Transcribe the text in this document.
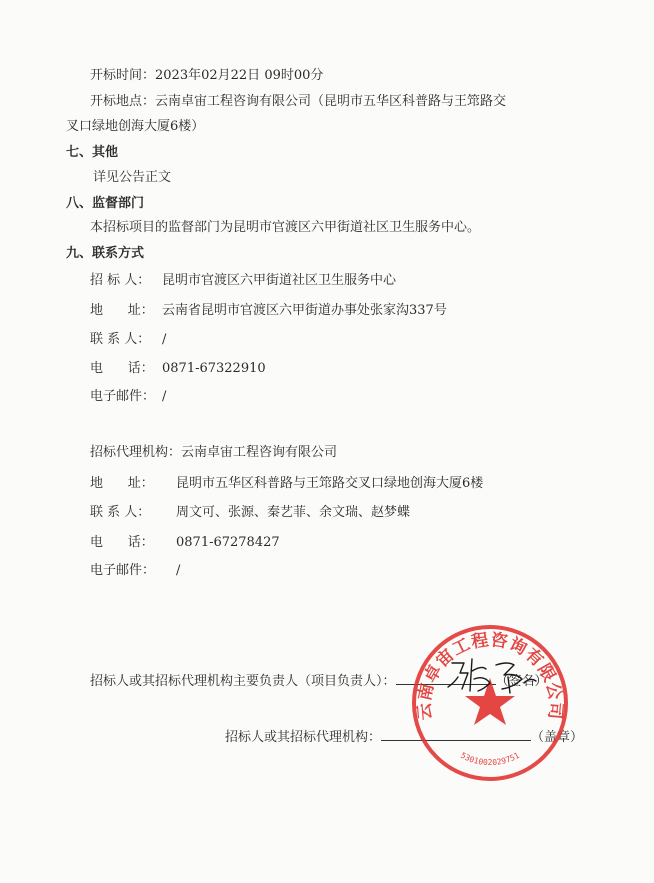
开标时间：2023年02月22日 09时00分
开标地点：云南卓宙工程咨询有限公司（昆明市五华区科普路与王筇路交
叉口绿地创海大厦6楼）
七、其他
详见公告正文
八、监督部门
本招标项目的监督部门为昆明市官渡区六甲街道社区卫生服务中心。
九、联系方式
招 标 人： 昆明市官渡区六甲街道社区卫生服务中心
地      址： 云南省昆明市官渡区六甲街道办事处张家沟337号
联 系 人： /
电      话： 0871-67322910
电子邮件： /
招标代理机构：云南卓宙工程咨询有限公司
地      址： 昆明市五华区科普路与王筇路交叉口绿地创海大厦6楼
联 系 人： 周文可、张源、秦艺菲、余文瑞、赵梦蝶
电      话： 0871-67278427
电子邮件： /
招标人或其招标代理机构主要负责人（项目负责人）：	（签名）
招标人或其招标代理机构：	（盖章）
云南卓宙工程咨询有限公司
5301002029751
